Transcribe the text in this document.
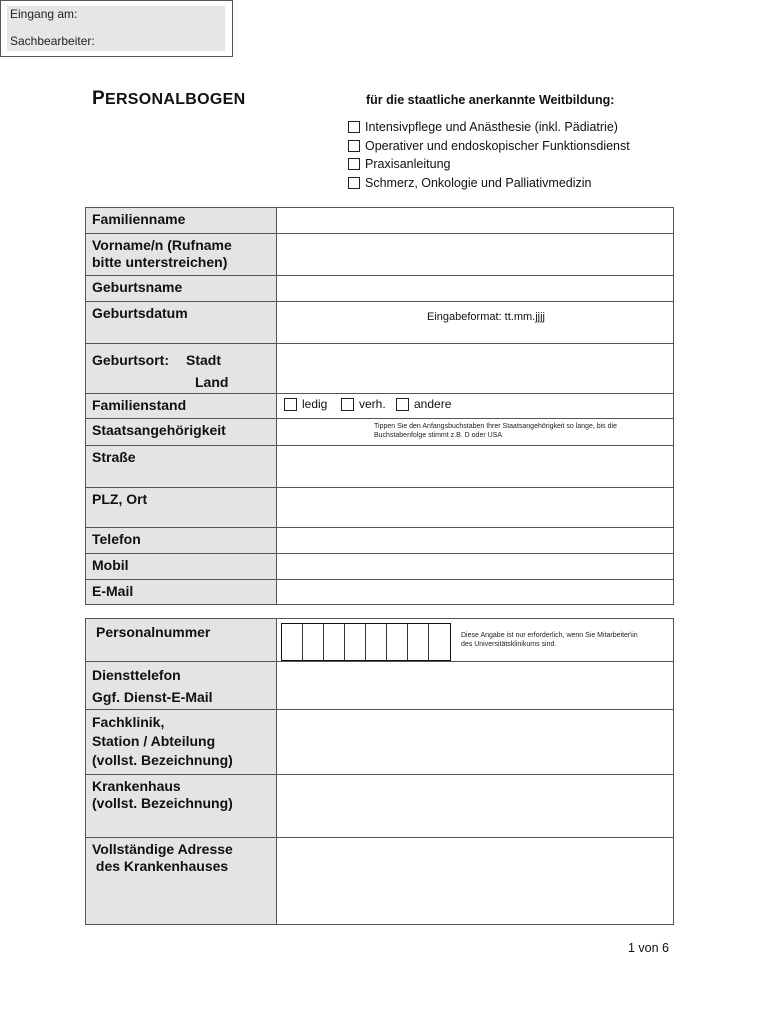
PERSONALBOGEN	für die staatliche anerkannte Weitbildung:
Eingang am:
Sachbearbeiter:
Intensivpflege und Anästhesie (inkl. Pädiatrie)
Operativer und endoskopischer Funktionsdienst
Praxisanleitung
Schmerz, Onkologie und Palliativmedizin
Familienname	

Vorname/n (Rufname
bitte unterstreichen)	

Geburtsname	
Geburtsdatum	Eingabeformat: tt.mm.jjjj

Geburtsort: Stadt
Land	

Familienstand	ledig verh. andere

Staatsangehörigkeit	Tippen Sie den Anfangsbuchstaben Ihrer Staatsangehörigkeit so lange, bis die
Buchstabenfolge stimmt z.B. D oder USA

Straße	
PLZ, Ort	
Telefon	
Mobil	
E-Mail	
Personalnummer	Diese Angabe ist nur erforderlich, wenn Sie Mitarbeiter\in
des Universitätsklinikums sind.

Diensttelefon
Ggf. Dienst-E-Mail	

Fachklinik,
Station / Abteilung
(vollst. Bezeichnung)	

Krankenhaus
(vollst. Bezeichnung)	

Vollständige Adresse
des Krankenhauses	

1 von 6
